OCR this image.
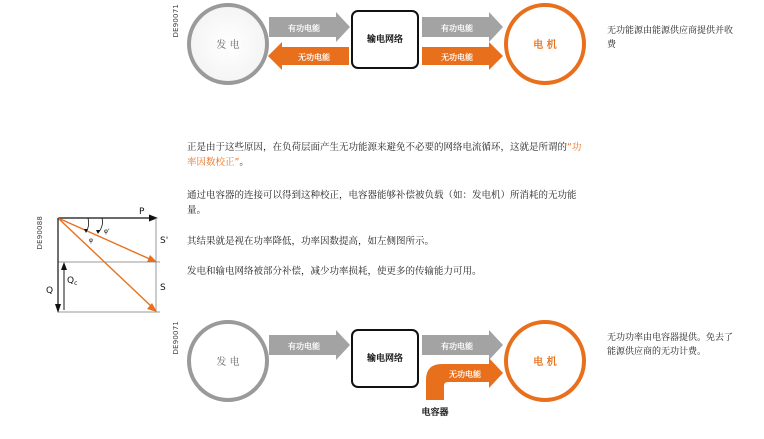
DE90071
发 电
有功电能
无功电能
输电网络
有功电能
无功电能
电 机
无功能源由能源供应商提供并收费
DE90088
P
S'
S
Q
$Q_c$
φ
φ'
正是由于这些原因，在负荷层面产生无功能源来避免不必要的网络电流循环，这就是所谓的“功率因数校正”。
通过电容器的连接可以得到这种校正，电容器能够补偿被负载（如：发电机）所消耗的无功能量。
其结果就是视在功率降低，功率因数提高，如左侧图所示。
发电和输电网络被部分补偿，减少功率损耗，使更多的传输能力可用。
DE90071
发 电
有功电能
输电网络
有功电能
无功电能
电容器
电 机
无功功率由电容器提供。免去了能源供应商的无功计费。
